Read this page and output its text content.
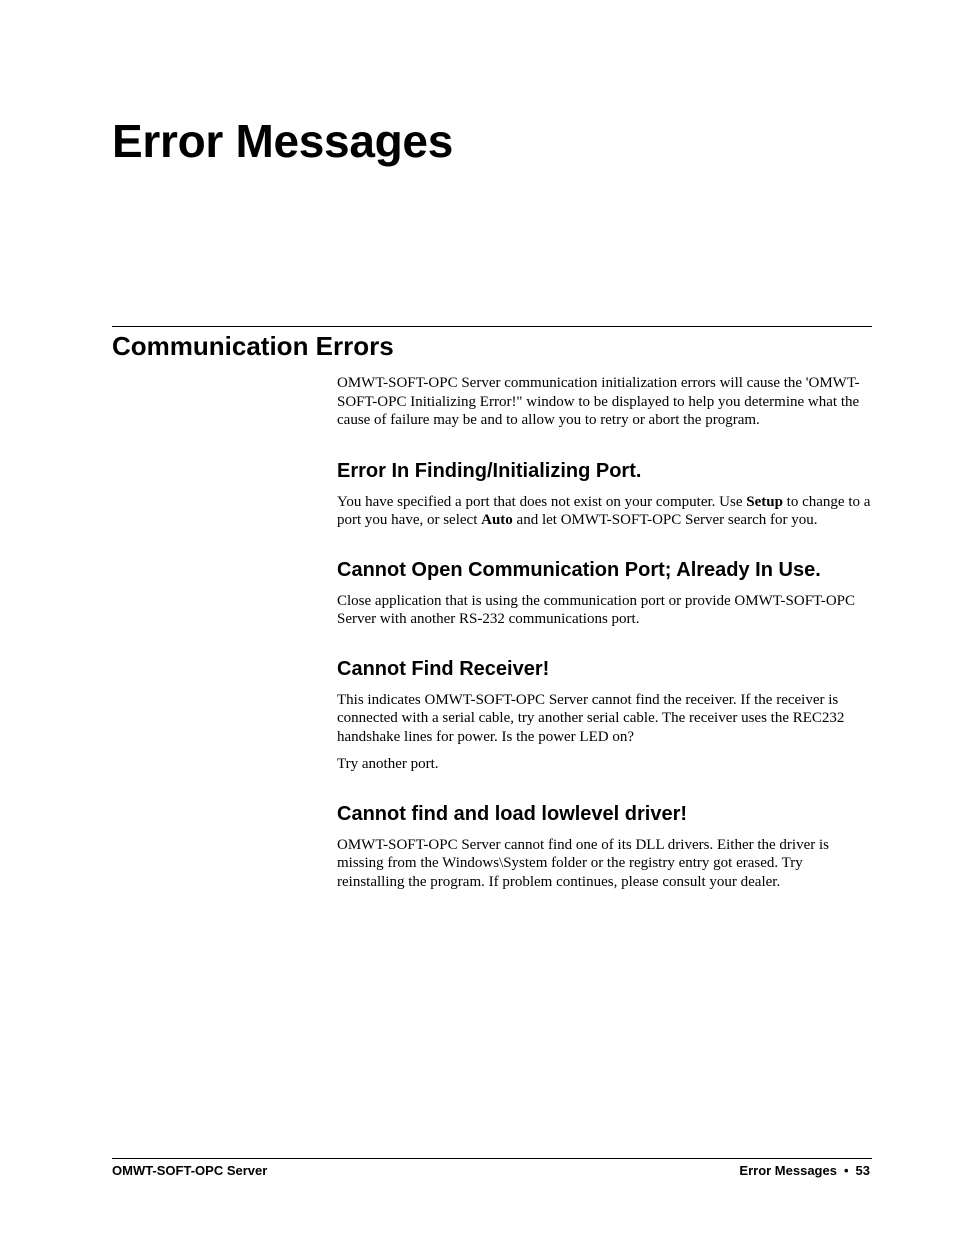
Error Messages
Communication Errors

OMWT-SOFT-OPC Server communication initialization errors will cause the 'OMWT-SOFT-OPC Initializing Error!" window to be displayed to help you determine what the cause of failure may be and to allow you to retry or abort the program.

Error In Finding/Initializing Port.

You have specified a port that does not exist on your computer. Use Setup to change to a port you have, or select Auto and let OMWT-SOFT-OPC Server search for you.

Cannot Open Communication Port; Already In Use.

Close application that is using the communication port or provide OMWT-SOFT-OPC Server with another RS-232 communications port.

Cannot Find Receiver!

This indicates OMWT-SOFT-OPC Server cannot find the receiver. If the receiver is connected with a serial cable, try another serial cable. The receiver uses the REC232 handshake lines for power. Is the power LED on?

Try another port.

Cannot find and load lowlevel driver!

OMWT-SOFT-OPC Server cannot find one of its DLL drivers. Either the driver is missing from the Windows\System folder or the registry entry got erased. Try reinstalling the program. If problem continues, please consult your dealer.

OMWT-SOFT-OPC Server	Error Messages • 53
